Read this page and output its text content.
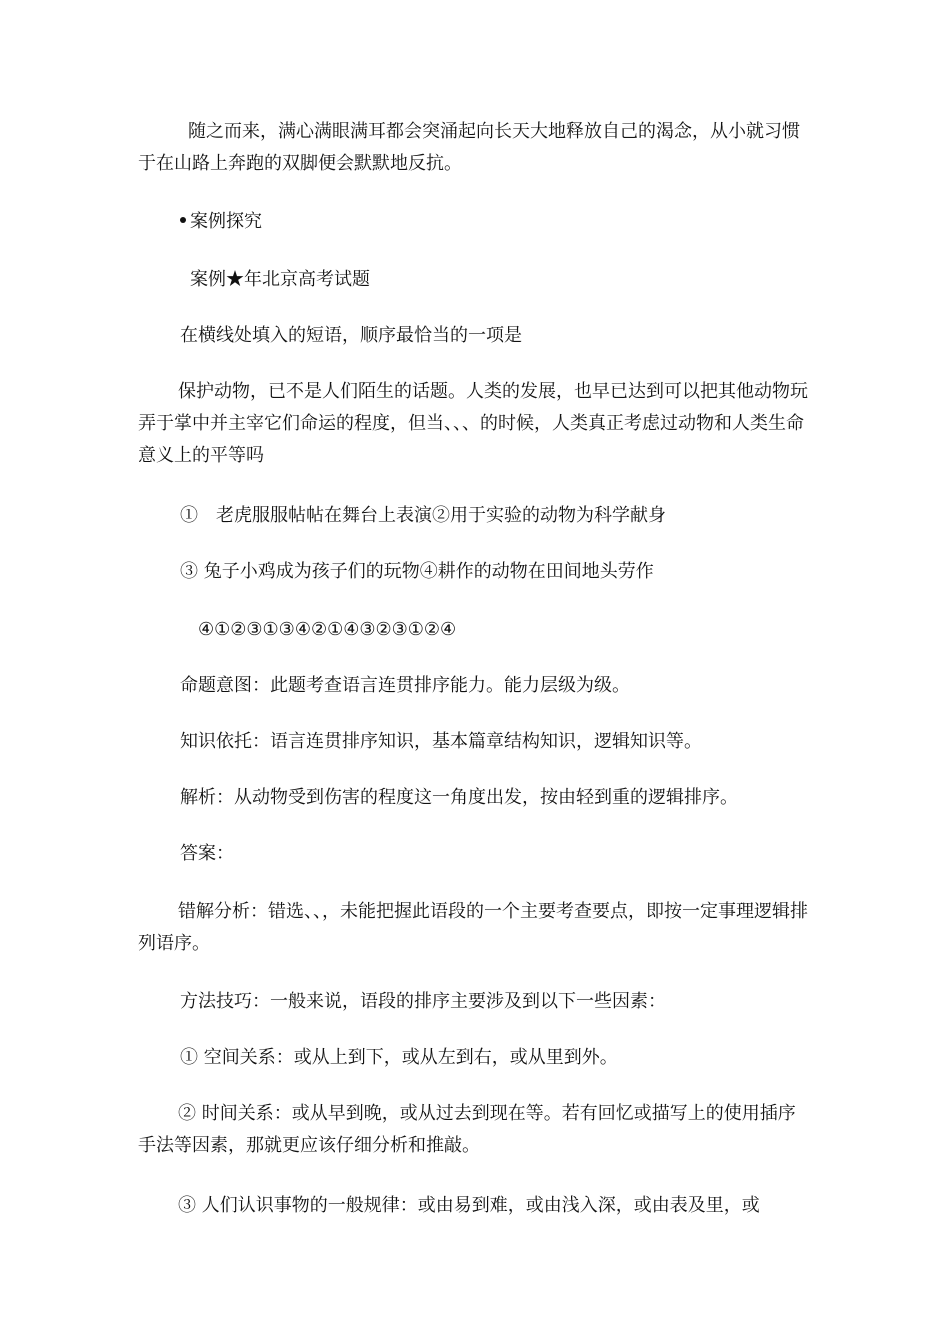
随之而来，满心满眼满耳都会突涌起向长天大地释放自己的渴念，从小就习惯于在山路上奔跑的双脚便会默默地反抗。

案例探究

案例★年北京高考试题

在横线处填入的短语，顺序最恰当的一项是

保护动物，已不是人们陌生的话题。人类的发展，也早已达到可以把其他动物玩弄于掌中并主宰它们命运的程度，但当、、、的时候，人类真正考虑过动物和人类生命意义上的平等吗

①　老虎服服帖帖在舞台上表演②用于实验的动物为科学献身

③ 兔子小鸡成为孩子们的玩物④耕作的动物在田间地头劳作

④①②③①③④②①④③②③①②④

命题意图：此题考查语言连贯排序能力。能力层级为级。

知识依托：语言连贯排序知识，基本篇章结构知识，逻辑知识等。

解析：从动物受到伤害的程度这一角度出发，按由轻到重的逻辑排序。

答案：

错解分析：错选、、，未能把握此语段的一个主要考查要点，即按一定事理逻辑排列语序。

方法技巧：一般来说，语段的排序主要涉及到以下一些因素：

① 空间关系：或从上到下，或从左到右，或从里到外。

② 时间关系：或从早到晚，或从过去到现在等。若有回忆或描写上的使用插序手法等因素，那就更应该仔细分析和推敲。

③ 人们认识事物的一般规律：或由易到难，或由浅入深，或由表及里，或
